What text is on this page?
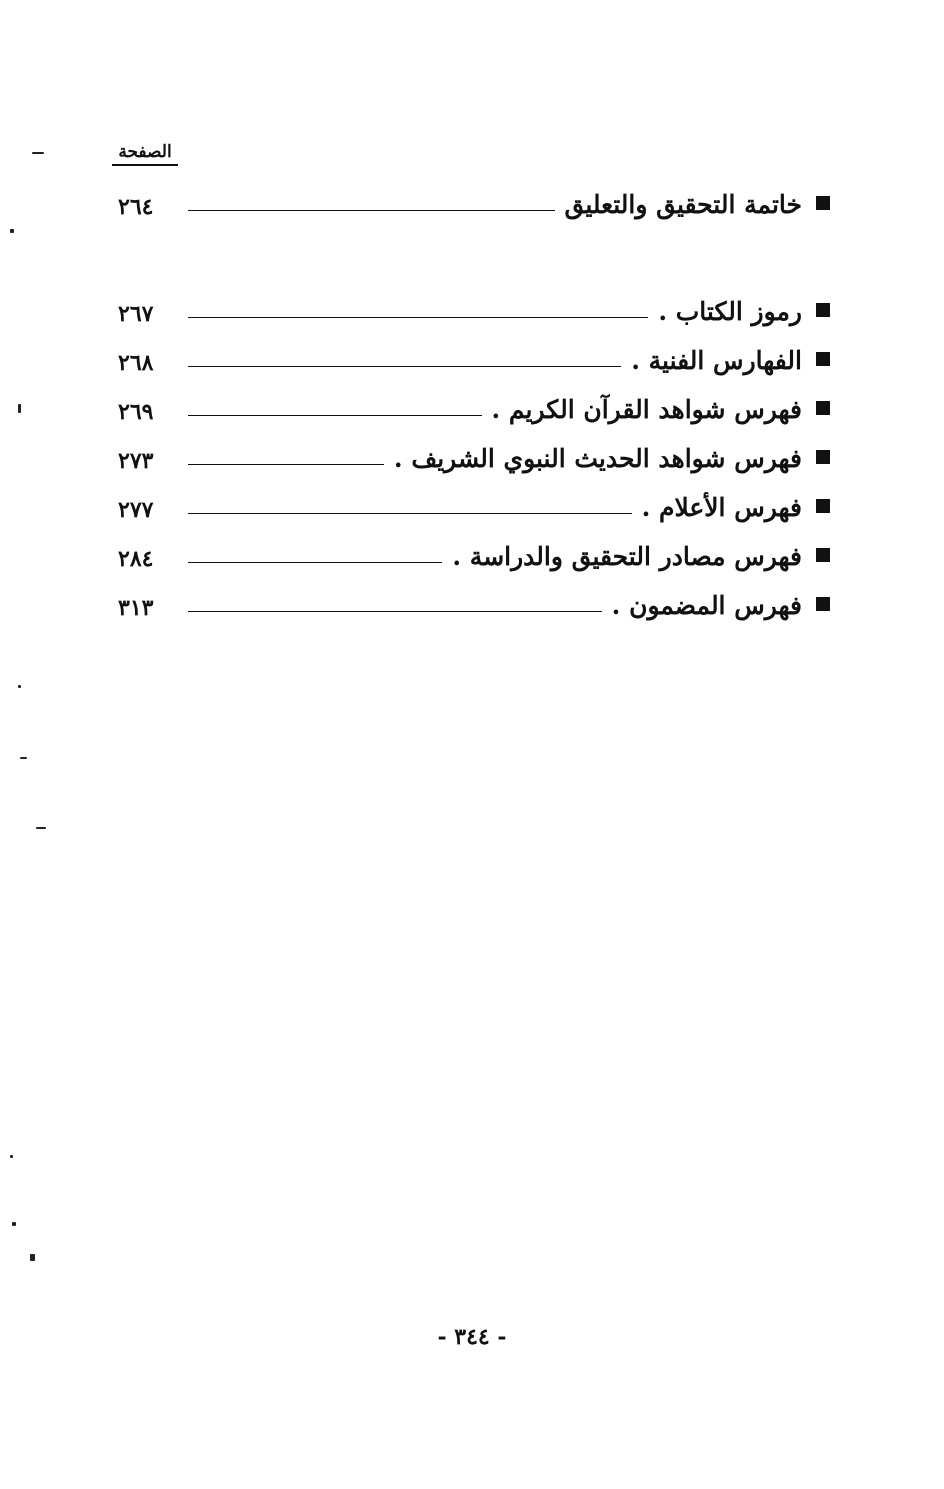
الصفحة
خاتمة التحقيق والتعليق
٢٦٤
رموز الكتاب .
٢٦٧
الفهارس الفنية .
٢٦٨
فهرس شواهد القرآن الكريم .
٢٦٩
فهرس شواهد الحديث النبوي الشريف .
٢٧٣
فهرس الأعلام .
٢٧٧
فهرس مصادر التحقيق والدراسة .
٢٨٤
فهرس المضمون .
٣١٣
- ٣٤٤ -
